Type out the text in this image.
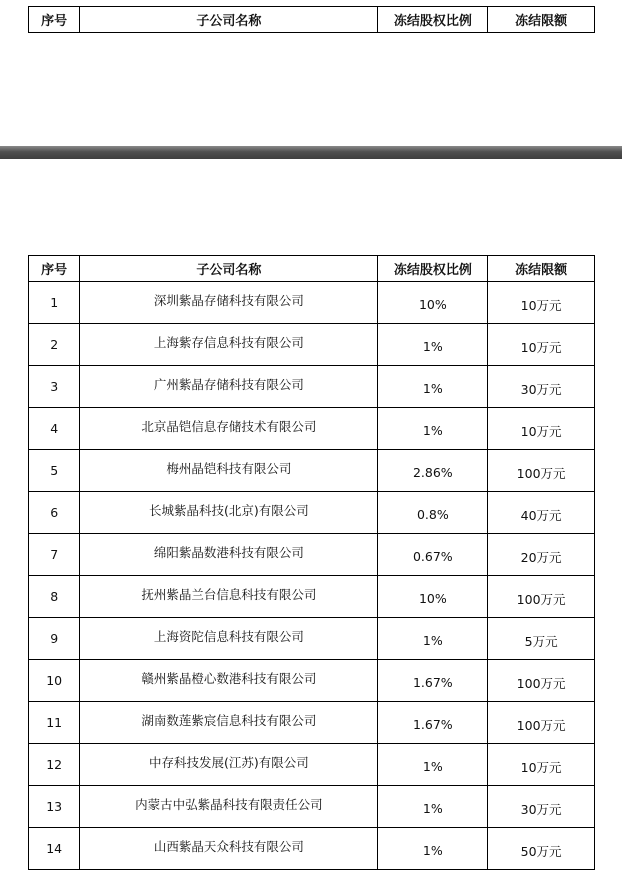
序号	子公司名称	冻结股权比例	冻结限额
序号	子公司名称	冻结股权比例	冻结限额
1	深圳紫晶存储科技有限公司	10%	10万元
2	上海紫存信息科技有限公司	1%	10万元
3	广州紫晶存储科技有限公司	1%	30万元
4	北京晶铠信息存储技术有限公司	1%	10万元
5	梅州晶铠科技有限公司	2.86%	100万元
6	长城紫晶科技(北京)有限公司	0.8%	40万元
7	绵阳紫晶数港科技有限公司	0.67%	20万元
8	抚州紫晶兰台信息科技有限公司	10%	100万元
9	上海资陀信息科技有限公司	1%	5万元
10	赣州紫晶橙心数港科技有限公司	1.67%	100万元
11	湖南数莲紫宸信息科技有限公司	1.67%	100万元
12	中存科技发展(江苏)有限公司	1%	10万元
13	内蒙古中弘紫晶科技有限责任公司	1%	30万元
14	山西紫晶天众科技有限公司	1%	50万元
